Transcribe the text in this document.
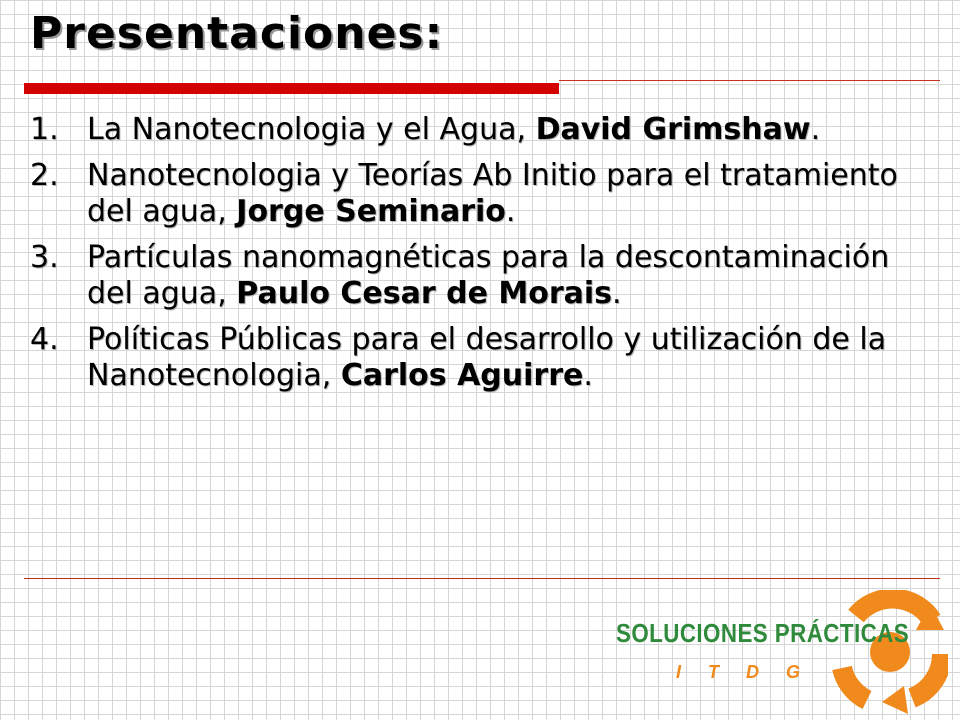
Presentaciones:
1. La Nanotecnologia y el Agua, David Grimshaw.
2. Nanotecnologia y Teorías Ab Initio para el tratamiento del agua, Jorge Seminario.
3. Partículas nanomagnéticas para la descontaminación del agua, Paulo Cesar de Morais.
4. Políticas Públicas para el desarrollo y utilización de la Nanotecnologia, Carlos Aguirre.
SOLUCIONES PRÁCTICAS
ITDG
